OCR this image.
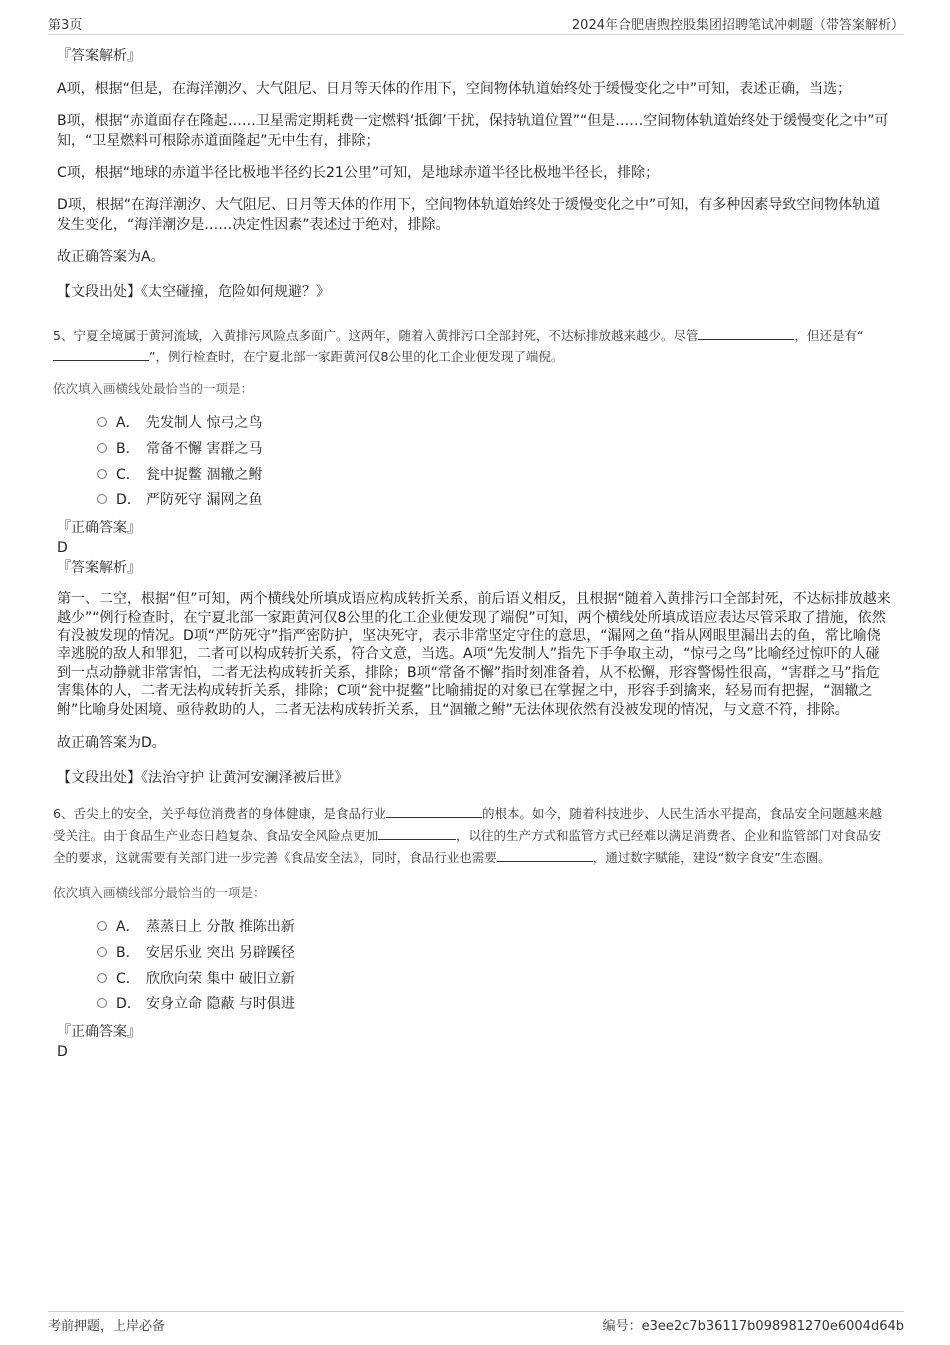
第3页	2024年合肥唐煦控股集团招聘笔试冲刺题（带答案解析）

『答案解析』

A项，根据“但是，在海洋潮汐、大气阻尼、日月等天体的作用下，空间物体轨道始终处于缓慢变化之中”可知，表述正确，当选；

B项，根据“赤道面存在隆起……卫星需定期耗费一定燃料‘抵御’干扰，保持轨道位置”“但是……空间物体轨道始终处于缓慢变化之中”可知，“卫星燃料可根除赤道面隆起”无中生有，排除；

C项，根据“地球的赤道半径比极地半径约长21公里”可知，是地球赤道半径比极地半径长，排除；

D项，根据“在海洋潮汐、大气阻尼、日月等天体的作用下，空间物体轨道始终处于缓慢变化之中”可知，有多种因素导致空间物体轨道发生变化，“海洋潮汐是……决定性因素”表述过于绝对，排除。

故正确答案为A。

【文段出处】《太空碰撞，危险如何规避？》

5、宁夏全境属于黄河流域，入黄排污风险点多面广。这两年，随着入黄排污口全部封死，不达标排放越来越少。尽管	，但还是有“”，例行检查时，在宁夏北部一家距黄河仅8公里的化工企业便发现了端倪。

依次填入画横线处最恰当的一项是：

A． 先发制人 惊弓之鸟
B． 常备不懈 害群之马
C． 瓮中捉鳖 涸辙之鲋
D． 严防死守 漏网之鱼

『正确答案』

D

『答案解析』

第一、二空，根据“但”可知，两个横线处所填成语应构成转折关系，前后语义相反，且根据“随着入黄排污口全部封死，不达标排放越来越少”“例行检查时，在宁夏北部一家距黄河仅8公里的化工企业便发现了端倪”可知，两个横线处所填成语应表达尽管采取了措施，依然有没被发现的情况。D项“严防死守”指严密防护，坚决死守，表示非常坚定守住的意思，“漏网之鱼”指从网眼里漏出去的鱼，常比喻侥幸逃脱的敌人和罪犯，二者可以构成转折关系，符合文意，当选。A项“先发制人”指先下手争取主动，“惊弓之鸟”比喻经过惊吓的人碰到一点动静就非常害怕，二者无法构成转折关系，排除；B项“常备不懈”指时刻准备着，从不松懈，形容警惕性很高，“害群之马”指危害集体的人，二者无法构成转折关系，排除；C项“瓮中捉鳖”比喻捕捉的对象已在掌握之中，形容手到擒来，轻易而有把握，“涸辙之鲋”比喻身处困境、亟待救助的人，二者无法构成转折关系，且“涸辙之鲋”无法体现依然有没被发现的情况，与文意不符，排除。

故正确答案为D。

【文段出处】《法治守护 让黄河安澜泽被后世》

6、舌尖上的安全，关乎每位消费者的身体健康，是食品行业	的根本。如今，随着科技进步、人民生活水平提高，食品安全问题越来越受关注。由于食品生产业态日趋复杂、食品安全风险点更加	，以往的生产方式和监管方式已经难以满足消费者、企业和监管部门对食品安全的要求，这就需要有关部门进一步完善《食品安全法》，同时，食品行业也需要	，通过数字赋能，建设“数字食安”生态圈。

依次填入画横线部分最恰当的一项是：

A． 蒸蒸日上 分散 推陈出新
B． 安居乐业 突出 另辟蹊径
C． 欣欣向荣 集中 破旧立新
D． 安身立命 隐蔽 与时俱进

『正确答案』

D

考前押题，上岸必备	编号：e3ee2c7b36117b098981270e6004d64b
